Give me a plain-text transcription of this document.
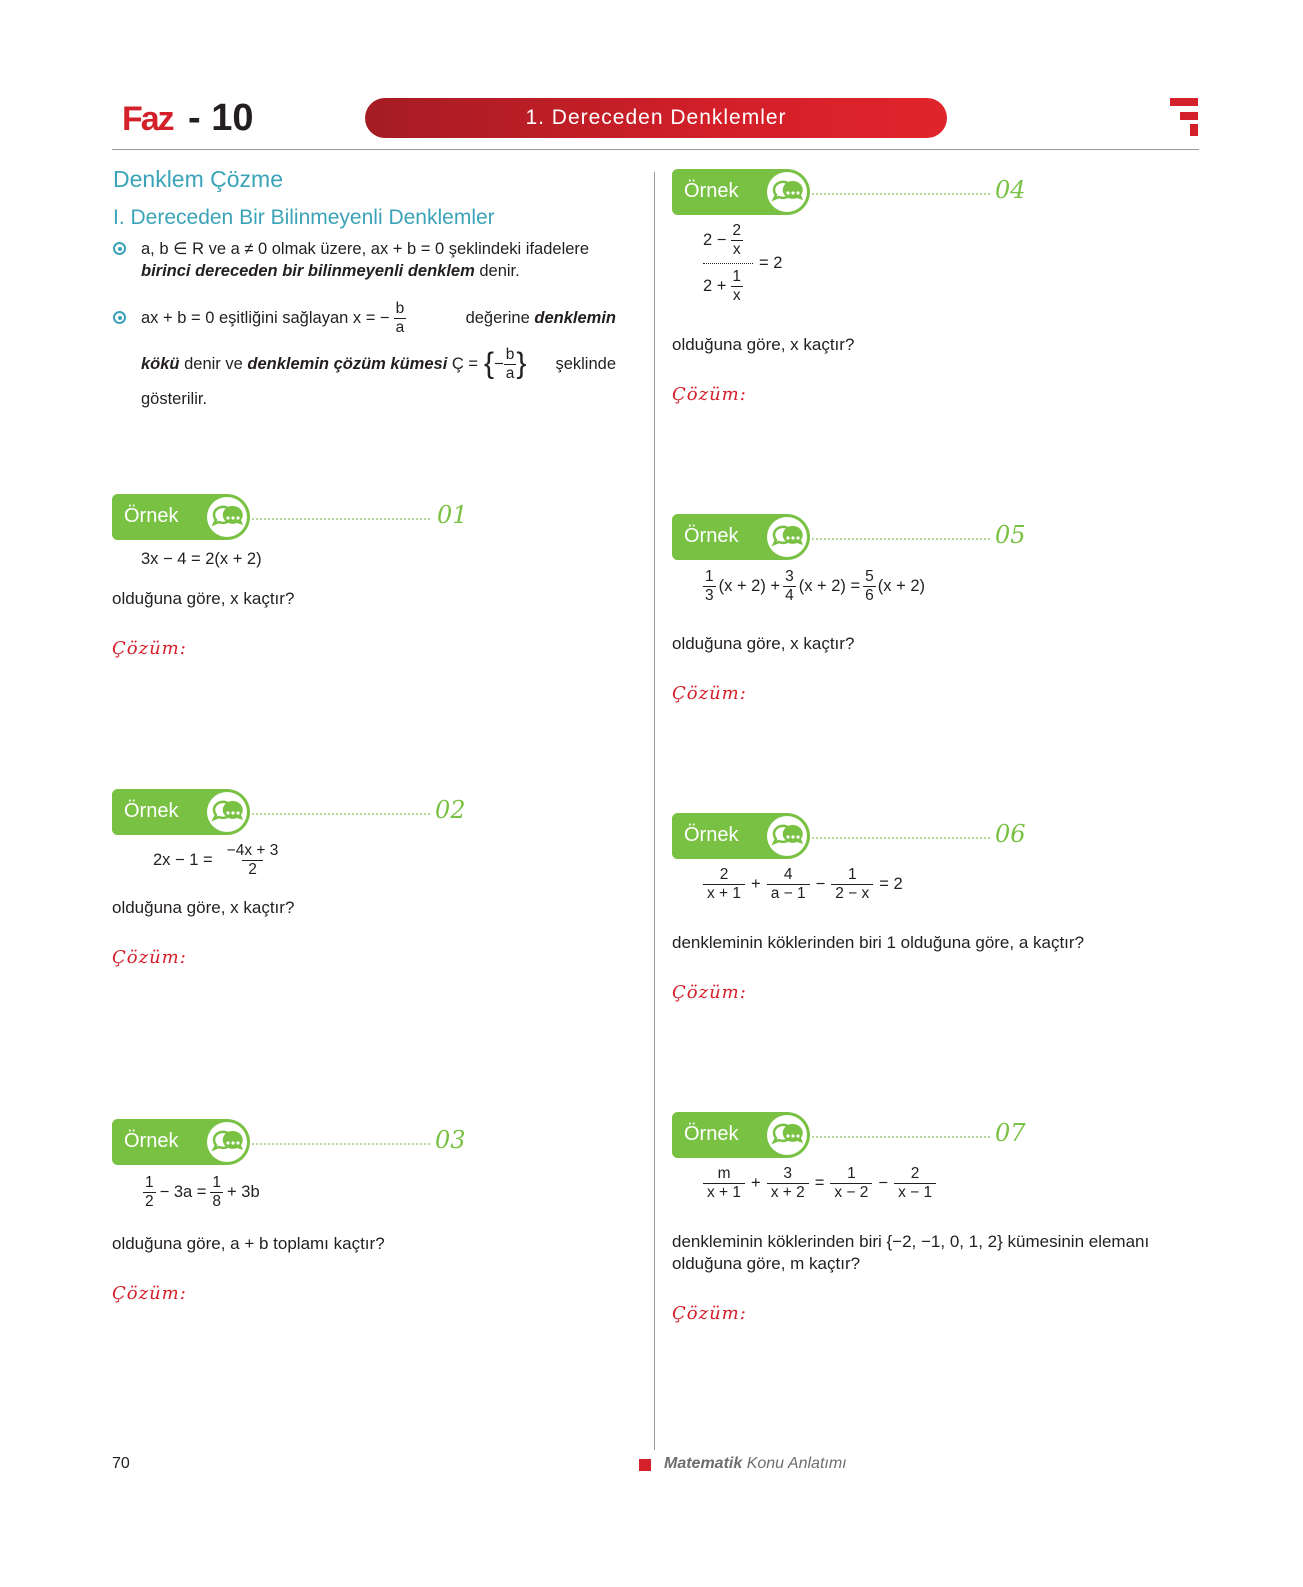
Faz - 10	1. Dereceden Denklemler
Denklem Çözme
I. Dereceden Bir Bilinmeyenli Denklemler
a, b ∈ R ve a ≠ 0 olmak üzere, ax + b = 0 şeklindeki ifadelere
birinci dereceden bir bilinmeyenli denklem denir.
ax + b = 0 eşitliğini sağlayan x = − $\frac{b}{a}$	değerine denklemin
kökü denir ve denklemin çözüm kümesi Ç = { − $\frac{b}{a}$ } şeklinde
gösterilir.
Örnek	01
3x − 4 = 2(x + 2)
olduğuna göre, x kaçtır?
Çözüm:
Örnek	02
$2x - 1 = \frac{-4x + 3}{2}$
olduğuna göre, x kaçtır?
Çözüm:
Örnek	03
$\frac{1}{2} - 3a = \frac{1}{8} + 3b$
olduğuna göre, a + b toplamı kaçtır?
Çözüm:
Örnek	04
$2 - \frac{2}{x}$
$2 + \frac{1}{x}$
= 2
olduğuna göre, x kaçtır?
Çözüm:
Örnek	05
$\frac{1}{3} (x + 2) + \frac{3}{4} (x + 2) = \frac{5}{6} (x + 2)$
olduğuna göre, x kaçtır?
Çözüm:
Örnek	06
$\frac{2}{x + 1} + \frac{4}{a - 1} - \frac{1}{2 - x} = 2$
denkleminin köklerinden biri 1 olduğuna göre, a kaçtır?
Çözüm:
Örnek	07
$\frac{m}{x + 1} + \frac{3}{x + 2} = \frac{1}{x - 2} - \frac{2}{x - 1}$
denkleminin köklerinden biri {−2, −1, 0, 1, 2} kümesinin elemanı
olduğuna göre, m kaçtır?
Çözüm:
70	Matematik Konu Anlatımı
